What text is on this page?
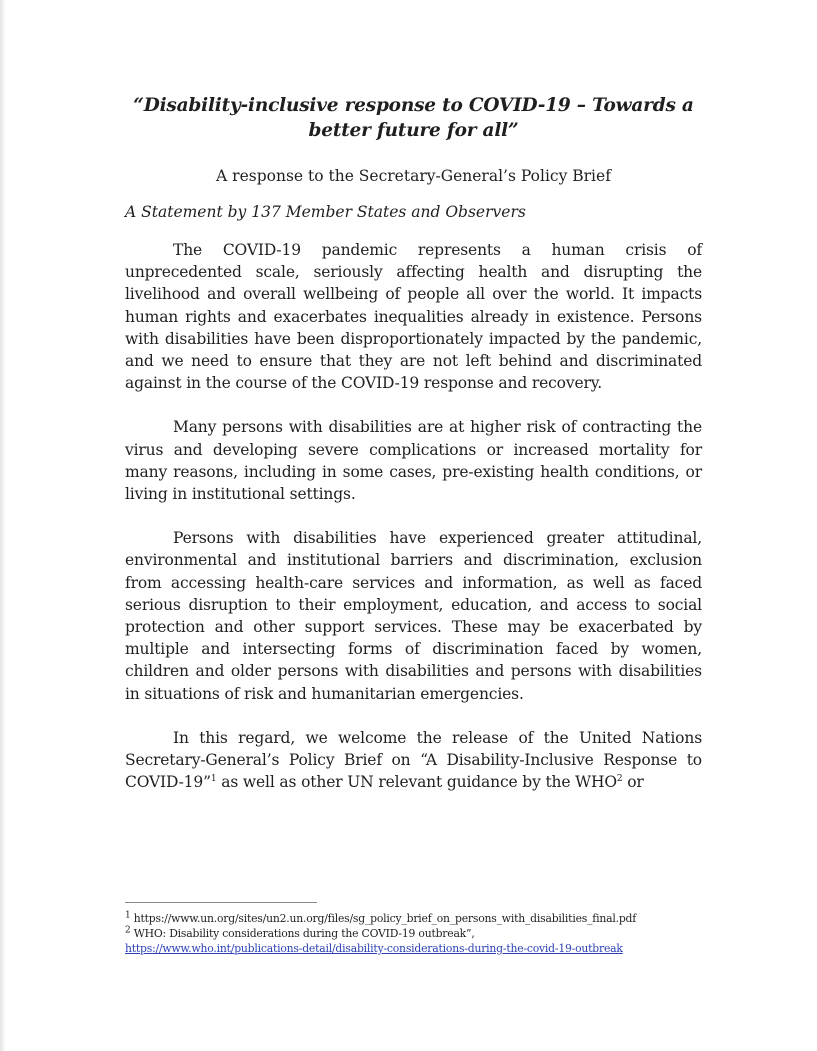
“Disability-inclusive response to COVID-19 – Towards a better future for all”
A response to the Secretary-General’s Policy Brief
A Statement by 137 Member States and Observers

The COVID-19 pandemic represents a human crisis of unprecedented scale, seriously affecting health and disrupting the livelihood and overall wellbeing of people all over the world. It impacts human rights and exacerbates inequalities already in existence. Persons with disabilities have been disproportionately impacted by the pandemic, and we need to ensure that they are not left behind and discriminated against in the course of the COVID-19 response and recovery.

Many persons with disabilities are at higher risk of contracting the virus and developing severe complications or increased mortality for many reasons, including in some cases, pre-existing health conditions, or living in institutional settings.

Persons with disabilities have experienced greater attitudinal, environmental and institutional barriers and discrimination, exclusion from accessing health-care services and information, as well as faced serious disruption to their employment, education, and access to social protection and other support services. These may be exacerbated by multiple and intersecting forms of discrimination faced by women, children and older persons with disabilities and persons with disabilities in situations of risk and humanitarian emergencies.

In this regard, we welcome the release of the United Nations Secretary-General’s Policy Brief on “A Disability-Inclusive Response to COVID-19”$^1$ as well as other UN relevant guidance by the WHO$^2$ or

$^1$ https://www.un.org/sites/un2.un.org/files/sg_policy_brief_on_persons_with_disabilities_final.pdf
$^2$ WHO: Disability considerations during the COVID-19 outbreak”,
https://www.who.int/publications-detail/disability-considerations-during-the-covid-19-outbreak
